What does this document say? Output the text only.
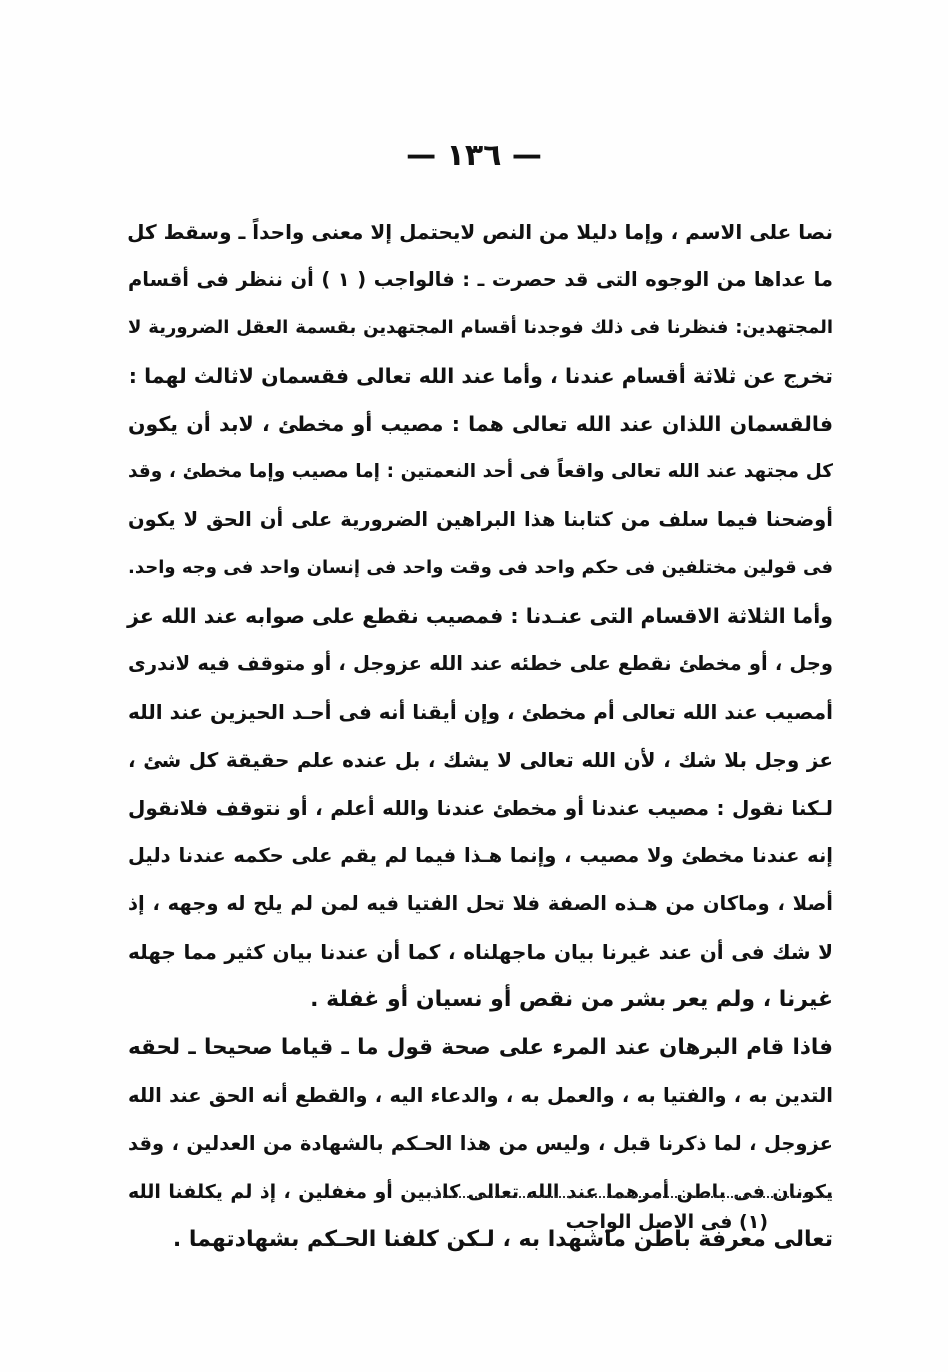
— ١٣٦ —
نصا على الاسم ، وإما دليلا من النص لايحتمل إلا معنى واحداً ـ وسقط كل
ما عداها من الوجوه التى قد حصرت ـ : فالواجب ( ١ ) أن ننظر فى أقسام
المجتهدين: فنظرنا فى ذلك فوجدنا أقسام المجتهدين بقسمة العقل الضرورية لا
تخرج عن ثلاثة أقسام عندنا ، وأما عند الله تعالى فقسمان لاثالث لهما :
فالقسمان اللذان عند الله تعالى هما : مصيب أو مخطئ ، لابد أن يكون
كل مجتهد عند الله تعالى واقعاً فى أحد النعمتين : إما مصيب وإما مخطئ ، وقد
أوضحنا فيما سلف من كتابنا هذا البراهين الضرورية على أن الحق لا يكون
فى قولين مختلفين فى حكم واحد فى وقت واحد فى إنسان واحد فى وجه واحد.
وأما الثلاثة الاقسام التى عنـدنا : فمصيب نقطع على صوابه عند الله عز
وجل ، أو مخطئ نقطع على خطئه عند الله عزوجل ، أو متوقف فيه لاندرى
أمصيب عند الله تعالى أم مخطئ ، وإن أيقنا أنه فى أحـد الحيزين عند الله
عز وجل بلا شك ، لأن الله تعالى لا يشك ، بل عنده علم حقيقة كل شئ ،
لـكنا نقول : مصيب عندنا أو مخطئ عندنا والله أعلم ، أو نتوقف فلانقول
إنه عندنا مخطئ ولا مصيب ، وإنما هـذا فيما لم يقم على حكمه عندنا دليل
أصلا ، وماكان من هـذه الصفة فلا تحل الفتيا فيه لمن لم يلح له وجهه ، إذ
لا شك فى أن عند غيرنا بيان ماجهلناه ، كما أن عندنا بيان كثير مما جهله
غيرنا ، ولم يعر بشر من نقص أو نسيان أو غفلة .
فاذا قام البرهان عند المرء على صحة قول ما ـ قياما صحيحا ـ لحقه
التدين به ، والفتيا به ، والعمل به ، والدعاء اليه ، والقطع أنه الحق عند الله
عزوجل ، لما ذكرنا قبل ، وليس من هذا الحـكم بالشهادة من العدلين ، وقد
يكونان فى باطن أمرهما عند الله تعالى كاذبين أو مغفلين ، إذ لم يكلفنا الله
تعالى معرفة باطن ماشهدا به ، لـكن كلفنا الحـكم بشهادتهما .
(١) فى الاصل الواجب
